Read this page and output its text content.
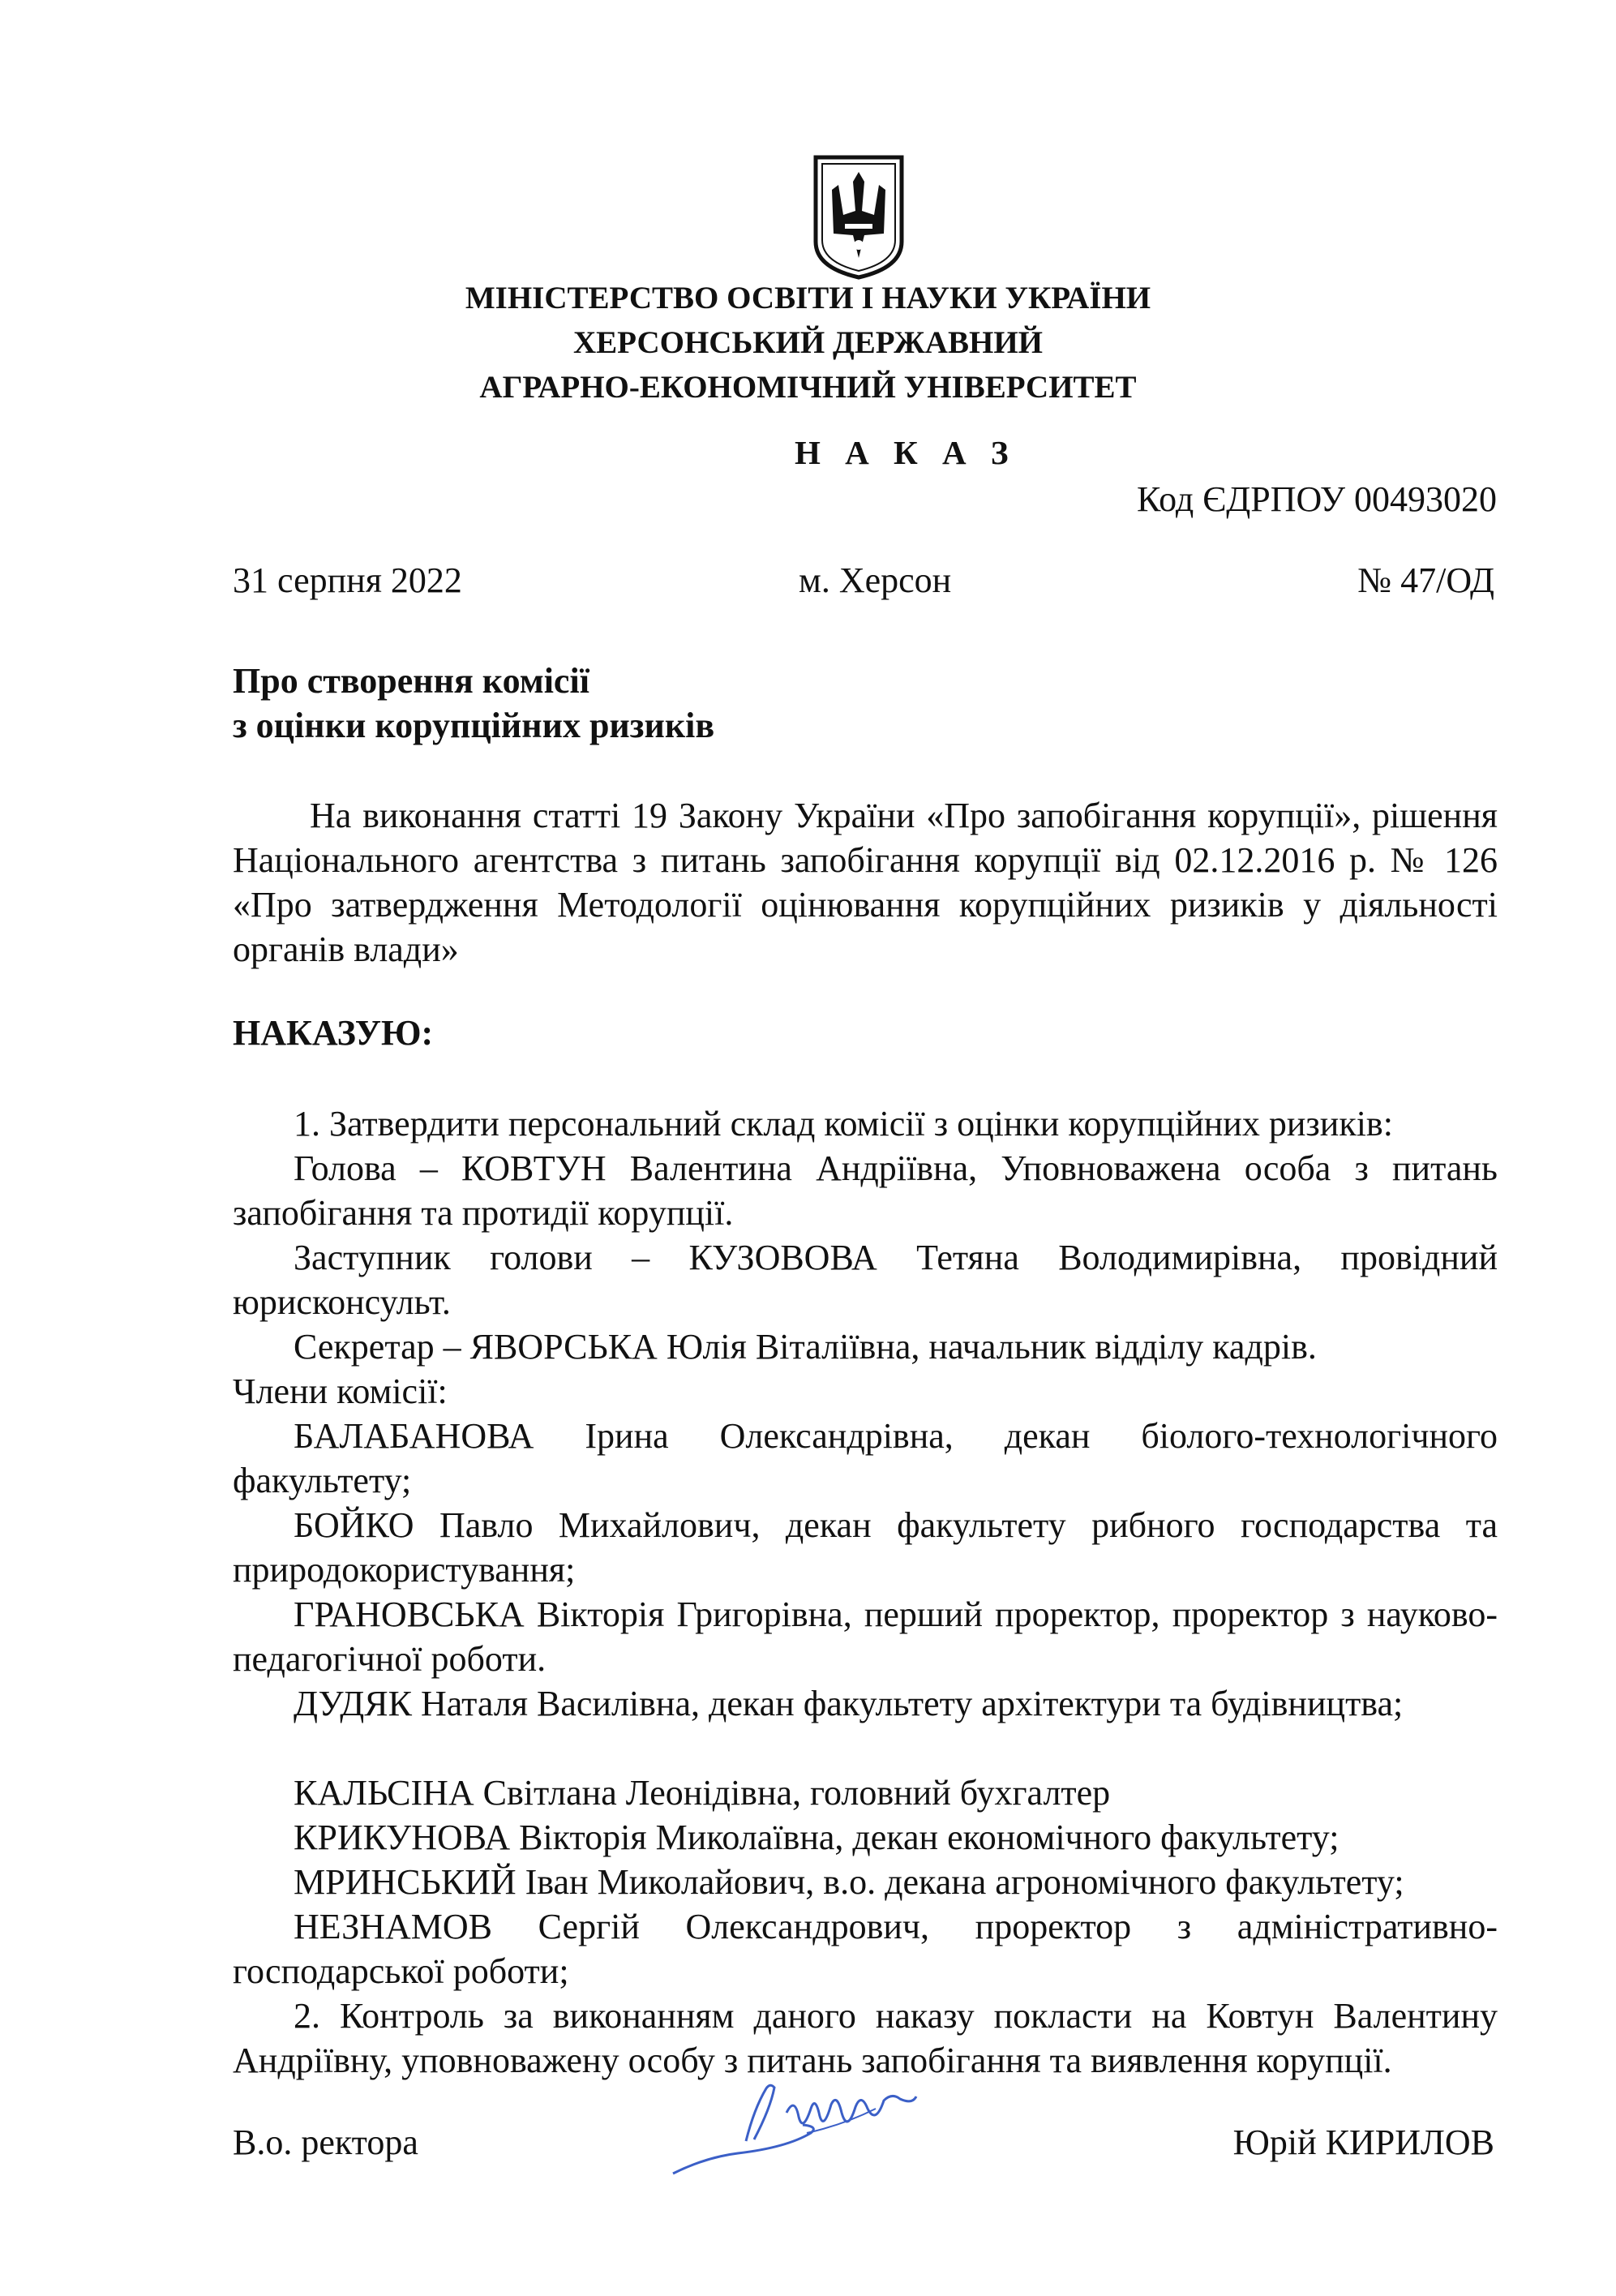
МІНІСТЕРСТВО ОСВІТИ І НАУКИ УКРАЇНИ
ХЕРСОНСЬКИЙ ДЕРЖАВНИЙ
АГРАРНО-ЕКОНОМІЧНИЙ УНІВЕРСИТЕТ
Н А К А З
Код ЄДРПОУ 00493020
31 серпня 2022	м. Херсон	№ 47/ОД
Про створення комісії
з оцінки корупційних ризиків
На виконання статті 19 Закону України «Про запобігання корупції», рішення Національного агентства з питань запобігання корупції від 02.12.2016 р. № 126 «Про затвердження Методології оцінювання корупційних ризиків у діяльності органів влади»
НАКАЗУЮ:
1. Затвердити персональний склад комісії з оцінки корупційних ризиків:
Голова – КОВТУН Валентина Андріївна, Уповноважена особа з питань запобігання та протидії корупції.
Заступник голови – КУЗОВОВА Тетяна Володимирівна, провідний юрисконсульт.
Секретар – ЯВОРСЬКА Юлія Віталіївна, начальник відділу кадрів.
Члени комісії:
БАЛАБАНОВА Ірина Олександрівна, декан біолого-технологічного факультету;
БОЙКО Павло Михайлович, декан факультету рибного господарства та природокористування;
ГРАНОВСЬКА Вікторія Григорівна, перший проректор, проректор з науково-педагогічної роботи.
ДУДЯК Наталя Василівна, декан факультету архітектури та будівництва;
КАЛЬСІНА Світлана Леонідівна, головний бухгалтер
КРИКУНОВА Вікторія Миколаївна, декан економічного факультету;
МРИНСЬКИЙ Іван Миколайович, в.о. декана агрономічного факультету;
НЕЗНАМОВ Сергій Олександрович, проректор з адміністративно-господарської роботи;
2. Контроль за виконанням даного наказу покласти на Ковтун Валентину Андріївну, уповноважену особу з питань запобігання та виявлення корупції.
В.о. ректора	Юрій КИРИЛОВ
